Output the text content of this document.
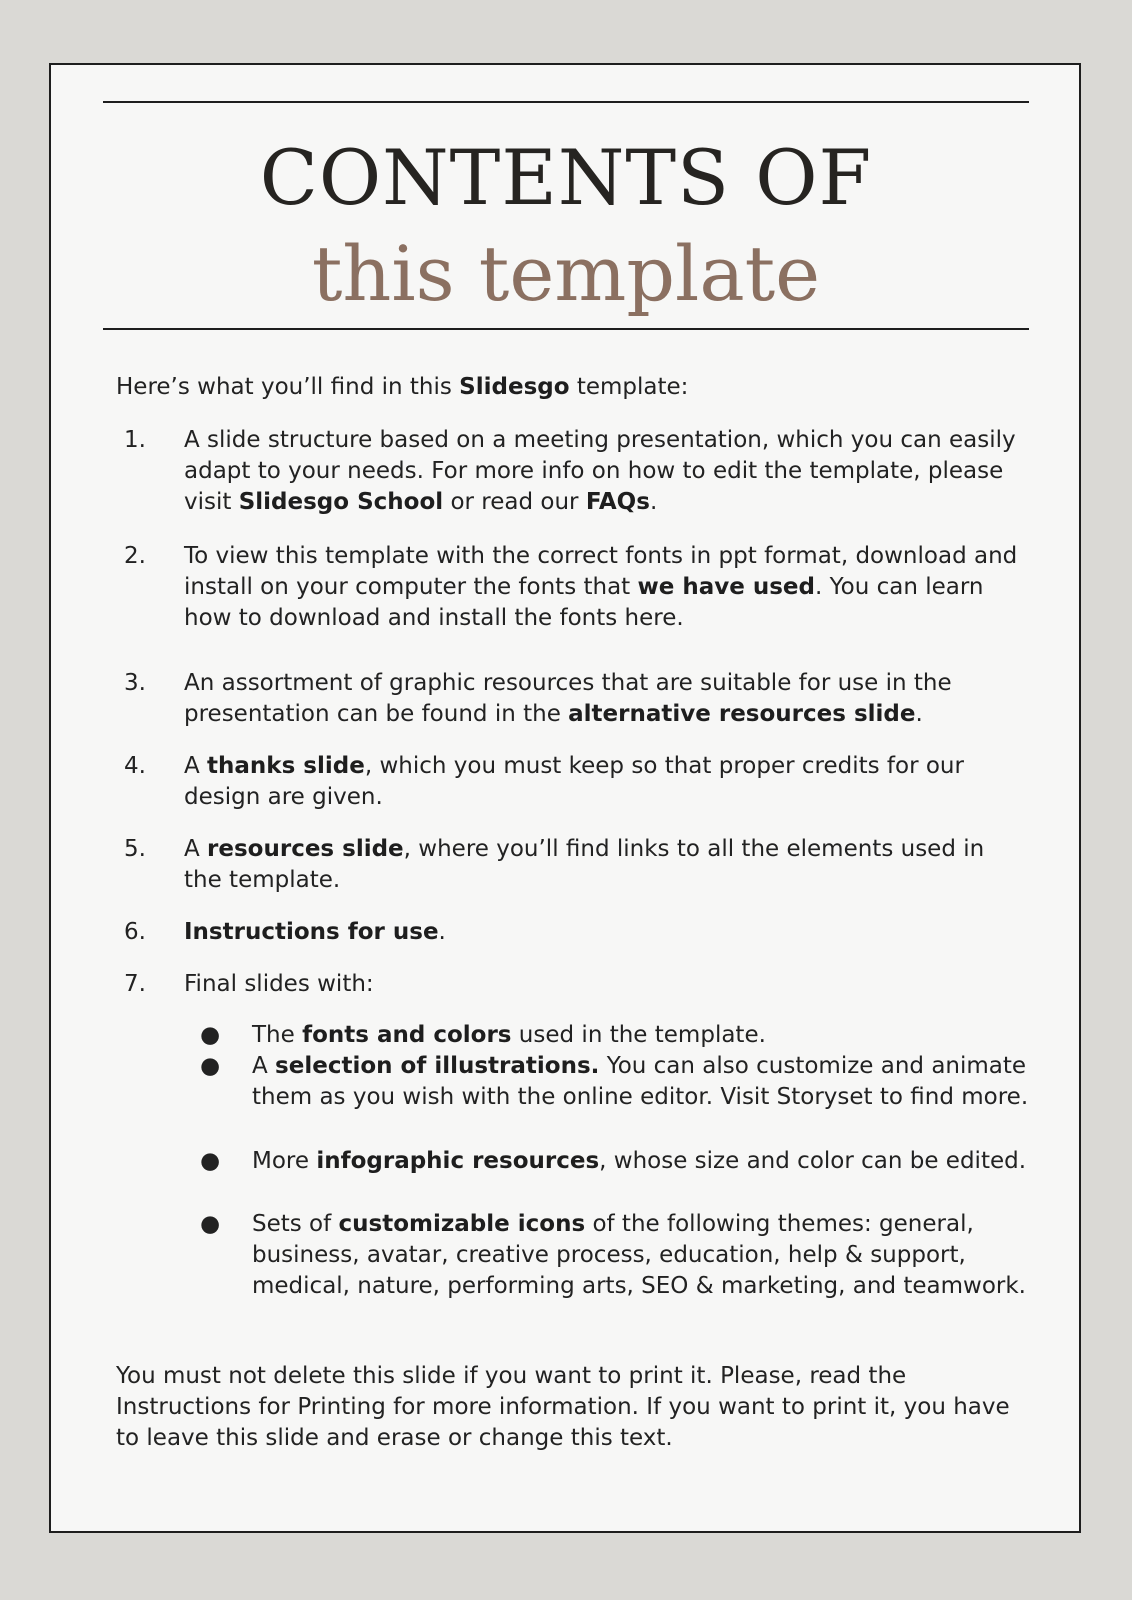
CONTENTS OF
this template

Here’s what you’ll find in this Slidesgo template:

1.	A slide structure based on a meeting presentation, which you can easily adapt to your needs. For more info on how to edit the template, please visit Slidesgo School or read our FAQs.
2.	To view this template with the correct fonts in ppt format, download and install on your computer the fonts that we have used. You can learn how to download and install the fonts here.
3.	An assortment of graphic resources that are suitable for use in the presentation can be found in the alternative resources slide.
4.	A thanks slide, which you must keep so that proper credits for our design are given.
5.	A resources slide, where you’ll find links to all the elements used in the template.
6.	Instructions for use.
7.	Final slides with:
● The fonts and colors used in the template.
● A selection of illustrations. You can also customize and animate them as you wish with the online editor. Visit Storyset to find more.
● More infographic resources, whose size and color can be edited.
● Sets of customizable icons of the following themes: general, business, avatar, creative process, education, help & support, medical, nature, performing arts, SEO & marketing, and teamwork.

You must not delete this slide if you want to print it. Please, read the Instructions for Printing for more information. If you want to print it, you have to leave this slide and erase or change this text.
